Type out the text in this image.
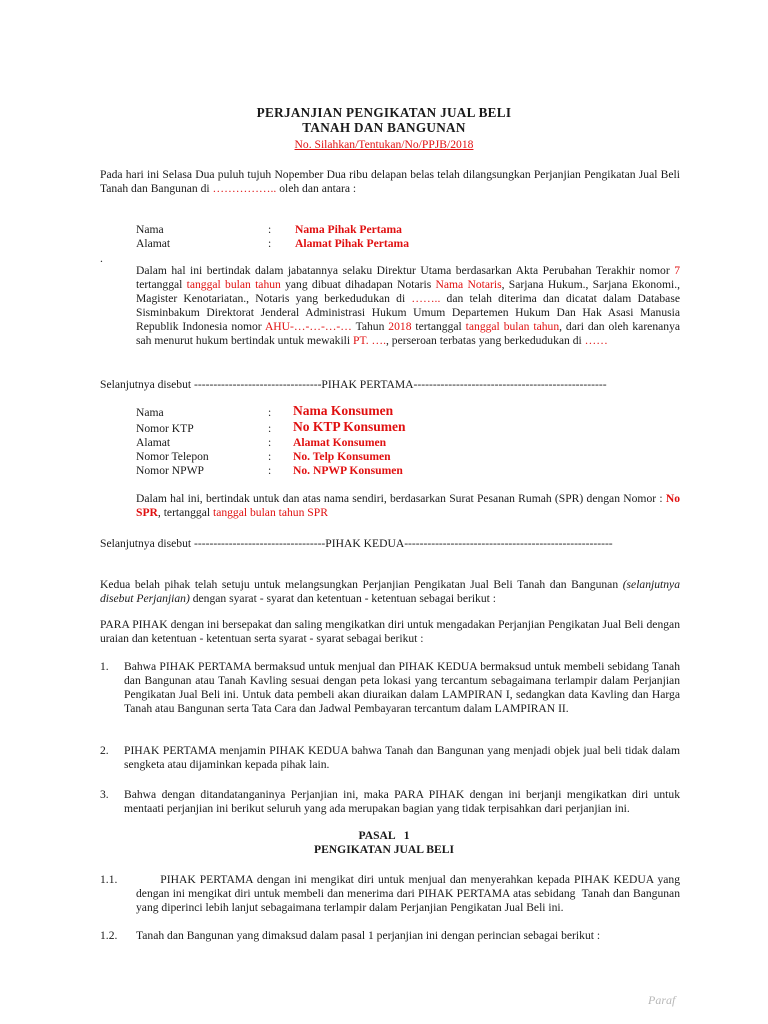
PERJANJIAN PENGIKATAN JUAL BELI
TANAH DAN BANGUNAN
No. Silahkan/Tentukan/No/PPJB/2018
Pada hari ini Selasa Dua puluh tujuh Nopember Dua ribu delapan belas telah dilangsungkan Perjanjian Pengikatan Jual Beli Tanah dan Bangunan di …………….. oleh dan antara :
Nama	: Nama Pihak Pertama
Alamat	: Alamat Pihak Pertama
.
Dalam hal ini bertindak dalam jabatannya selaku Direktur Utama berdasarkan Akta Perubahan Terakhir nomor 7 tertanggal tanggal bulan tahun yang dibuat dihadapan Notaris Nama Notaris, Sarjana Hukum., Sarjana Ekonomi., Magister Kenotariatan., Notaris yang berkedudukan di …….. dan telah diterima dan dicatat dalam Database Sisminbakum Direktorat Jenderal Administrasi Hukum Umum Departemen Hukum Dan Hak Asasi Manusia Republik Indonesia nomor AHU-…-…-…-… Tahun 2018 tertanggal tanggal bulan tahun, dari dan oleh karenanya sah menurut hukum bertindak untuk mewakili PT. …., perseroan terbatas yang berkedudukan di ……
Selanjutnya disebut ---------------------------------PIHAK PERTAMA--------------------------------------------------
Nama	: Nama Konsumen
Nomor KTP	: No KTP Konsumen
Alamat	: Alamat Konsumen
Nomor Telepon	: No. Telp Konsumen
Nomor NPWP	: No. NPWP Konsumen
Dalam hal ini, bertindak untuk dan atas nama sendiri, berdasarkan Surat Pesanan Rumah (SPR) dengan Nomor : No SPR, tertanggal tanggal bulan tahun SPR
Selanjutnya disebut ----------------------------------PIHAK KEDUA------------------------------------------------------
Kedua belah pihak telah setuju untuk melangsungkan Perjanjian Pengikatan Jual Beli Tanah dan Bangunan (selanjutnya disebut Perjanjian) dengan syarat - syarat dan ketentuan - ketentuan sebagai berikut :
PARA PIHAK dengan ini bersepakat dan saling mengikatkan diri untuk mengadakan Perjanjian Pengikatan Jual Beli dengan uraian dan ketentuan - ketentuan serta syarat - syarat sebagai berikut :
1. Bahwa PIHAK PERTAMA bermaksud untuk menjual dan PIHAK KEDUA bermaksud untuk membeli sebidang Tanah dan Bangunan atau Tanah Kavling sesuai dengan peta lokasi yang tercantum sebagaimana terlampir dalam Perjanjian Pengikatan Jual Beli ini. Untuk data pembeli akan diuraikan dalam LAMPIRAN I, sedangkan data Kavling dan Harga Tanah atau Bangunan serta Tata Cara dan Jadwal Pembayaran tercantum dalam LAMPIRAN II.
2. PIHAK PERTAMA menjamin PIHAK KEDUA bahwa Tanah dan Bangunan yang menjadi objek jual beli tidak dalam sengketa atau dijaminkan kepada pihak lain.
3. Bahwa dengan ditandatanganinya Perjanjian ini, maka PARA PIHAK dengan ini berjanji mengikatkan diri untuk mentaati perjanjian ini berikut seluruh yang ada merupakan bagian yang tidak terpisahkan dari perjanjian ini.
PASAL   1
PENGIKATAN JUAL BELI
1.1. PIHAK PERTAMA dengan ini mengikat diri untuk menjual dan menyerahkan kepada PIHAK KEDUA yang dengan ini mengikat diri untuk membeli dan menerima dari PIHAK PERTAMA atas sebidang  Tanah dan Bangunan yang diperinci lebih lanjut sebagaimana terlampir dalam Perjanjian Pengikatan Jual Beli ini.
1.2. Tanah dan Bangunan yang dimaksud dalam pasal 1 perjanjian ini dengan perincian sebagai berikut :
Paraf
